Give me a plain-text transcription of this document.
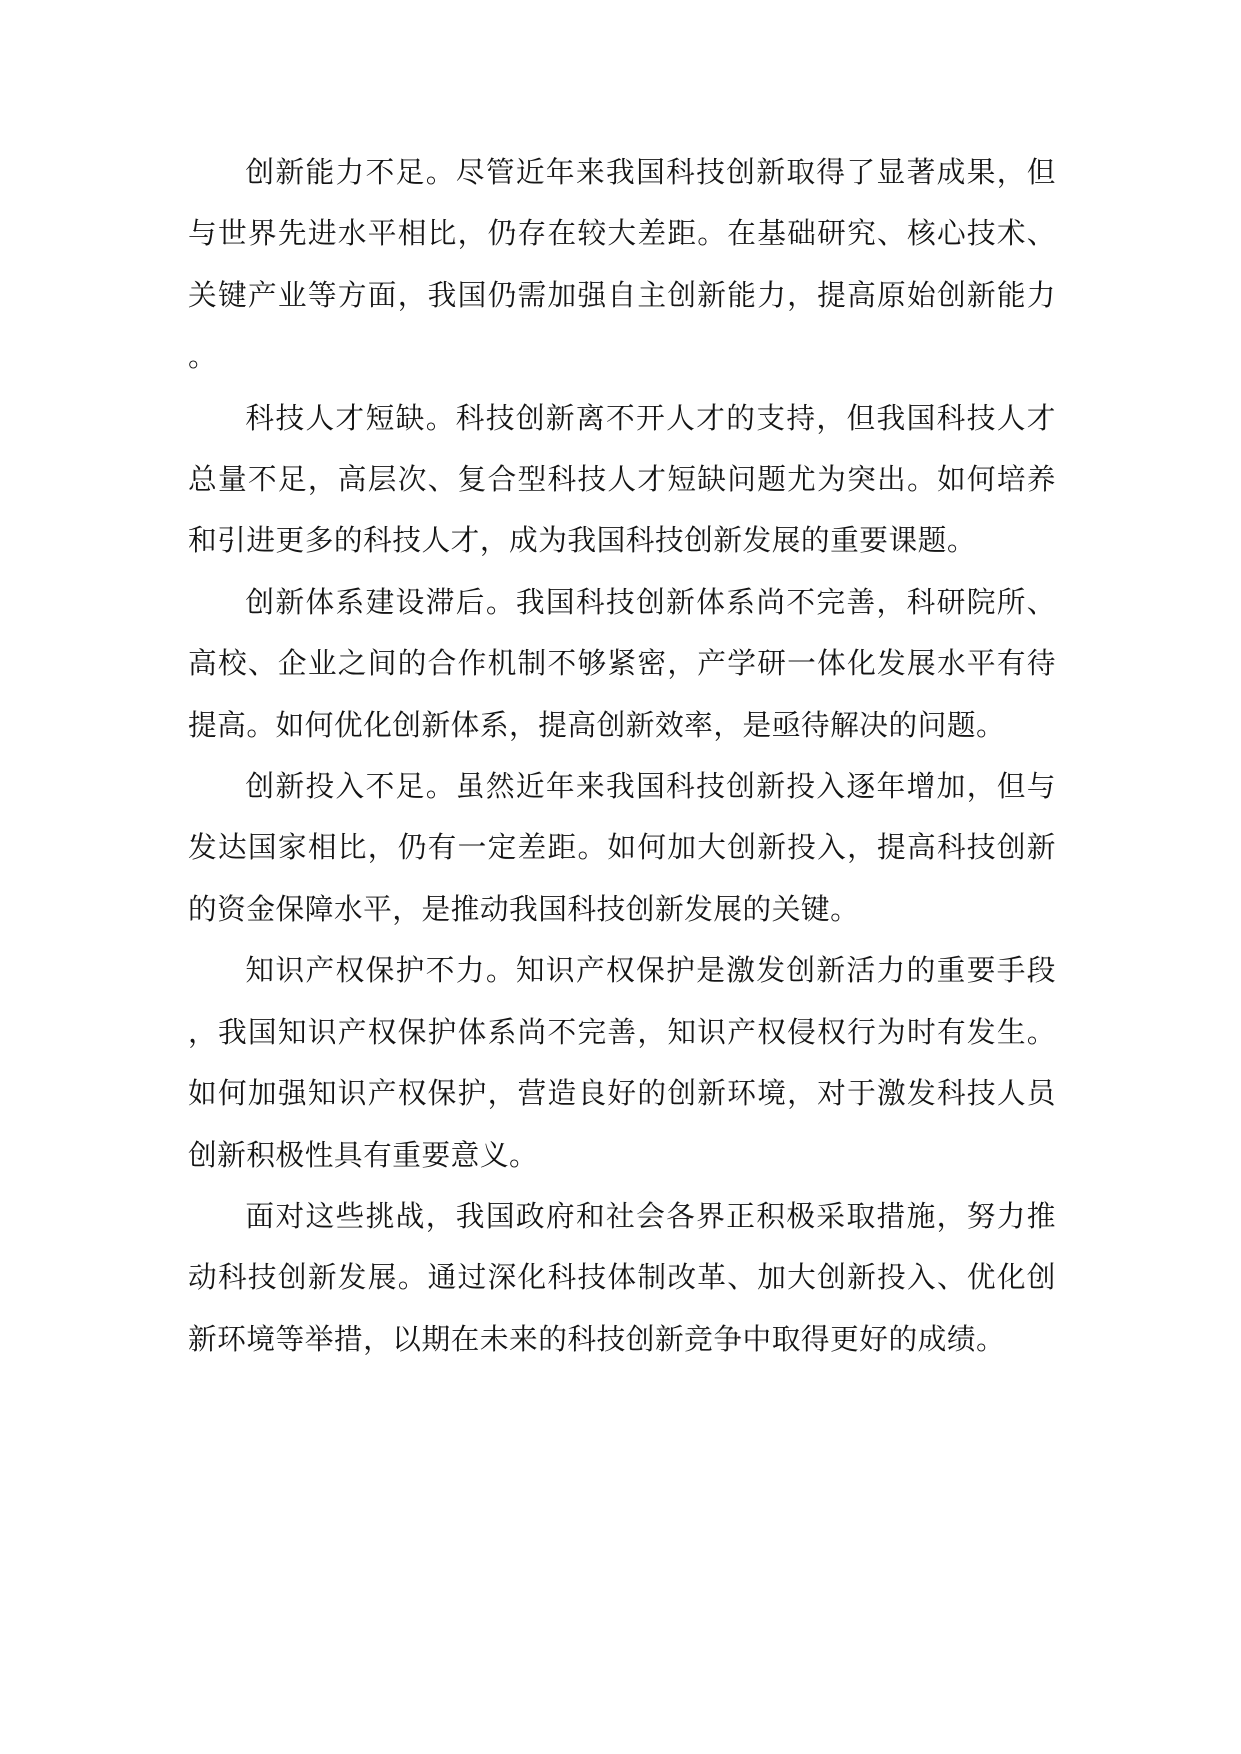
创新能力不足。尽管近年来我国科技创新取得了显著成果，但与世界先进水平相比，仍存在较大差距。在基础研究、核心技术、关键产业等方面，我国仍需加强自主创新能力，提高原始创新能力。

科技人才短缺。科技创新离不开人才的支持，但我国科技人才总量不足，高层次、复合型科技人才短缺问题尤为突出。如何培养和引进更多的科技人才，成为我国科技创新发展的重要课题。

创新体系建设滞后。我国科技创新体系尚不完善，科研院所、高校、企业之间的合作机制不够紧密，产学研一体化发展水平有待提高。如何优化创新体系，提高创新效率，是亟待解决的问题。

创新投入不足。虽然近年来我国科技创新投入逐年增加，但与发达国家相比，仍有一定差距。如何加大创新投入，提高科技创新的资金保障水平，是推动我国科技创新发展的关键。

知识产权保护不力。知识产权保护是激发创新活力的重要手段，我国知识产权保护体系尚不完善，知识产权侵权行为时有发生。如何加强知识产权保护，营造良好的创新环境，对于激发科技人员创新积极性具有重要意义。

面对这些挑战，我国政府和社会各界正积极采取措施，努力推动科技创新发展。通过深化科技体制改革、加大创新投入、优化创新环境等举措，以期在未来的科技创新竞争中取得更好的成绩。
